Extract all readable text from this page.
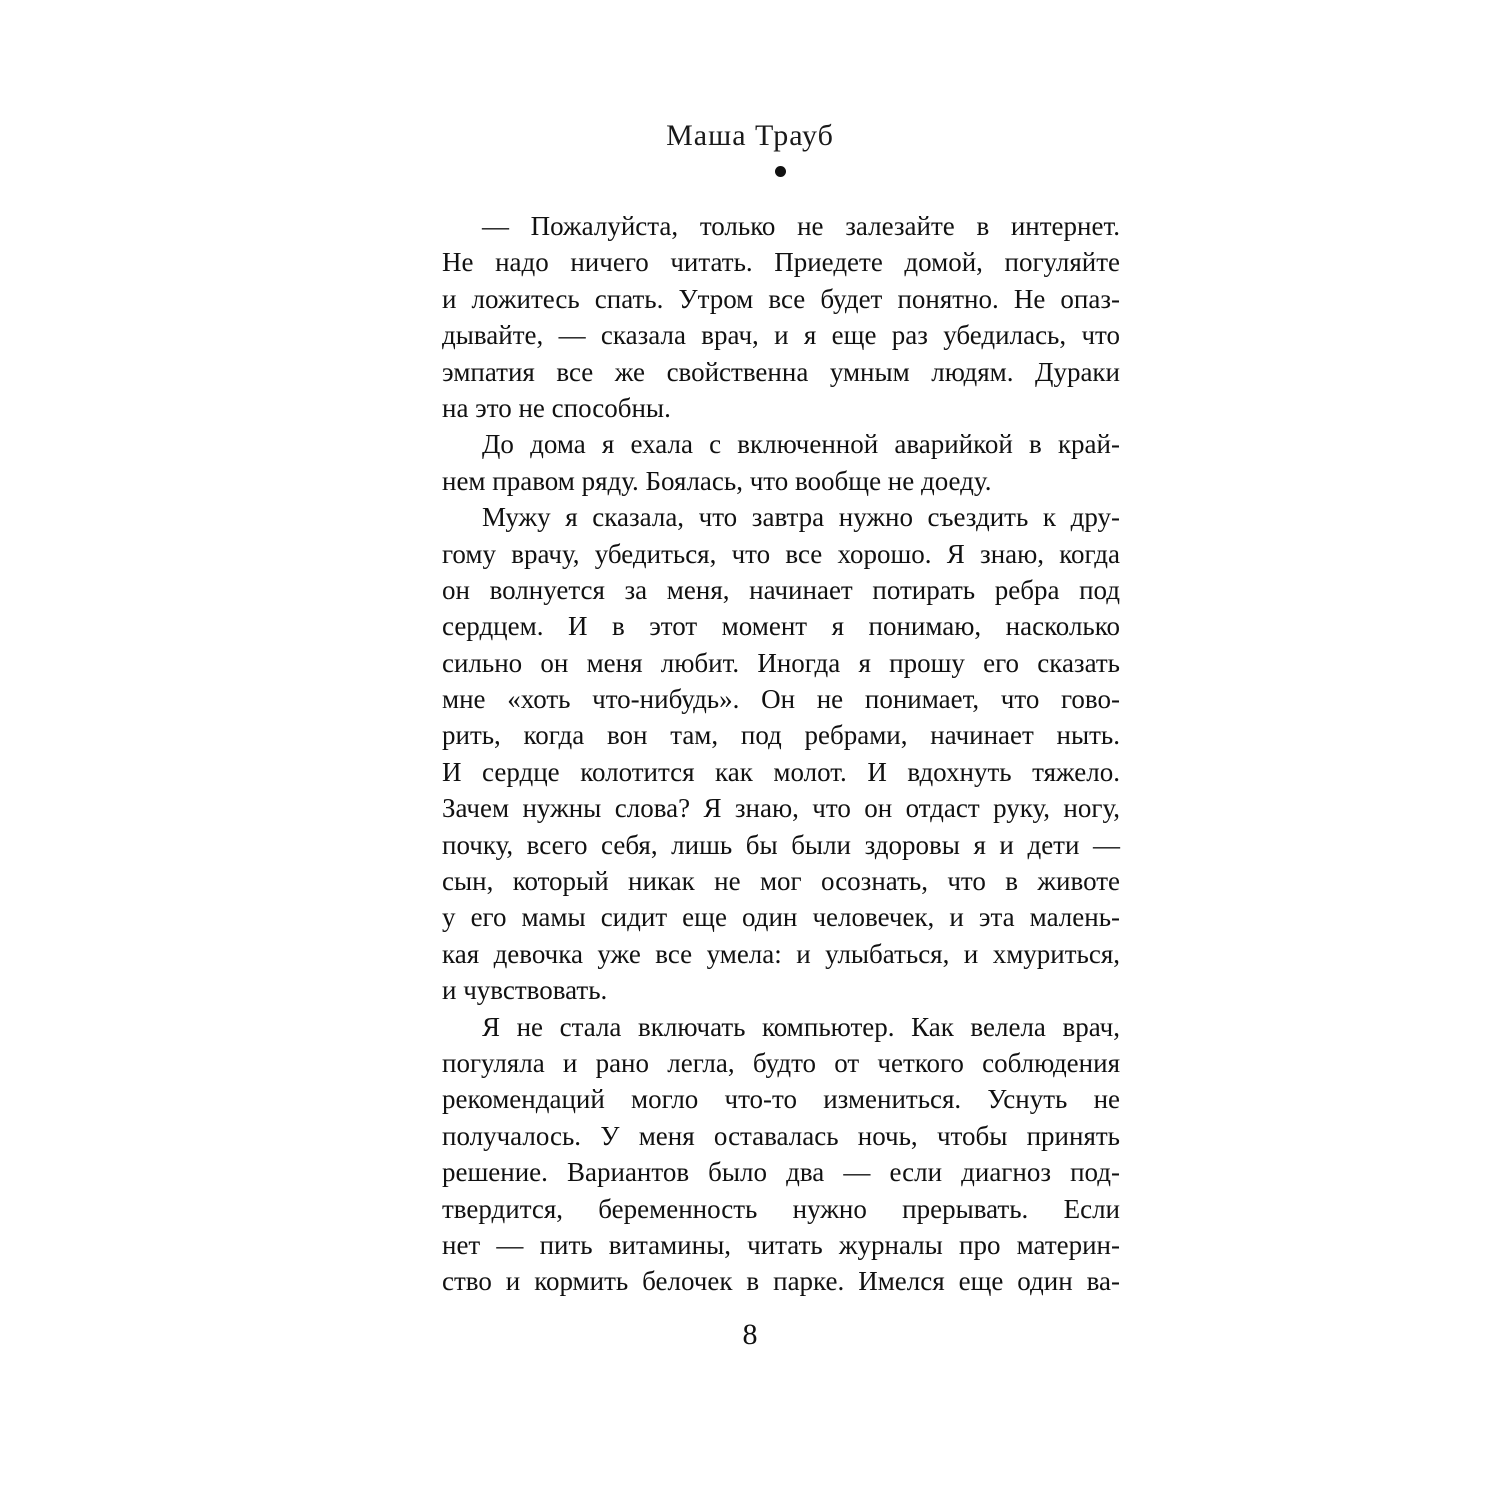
Маша Трауб
— Пожалуйста, только не залезайте в интернет.
Не надо ничего читать. Приедете домой, погуляйте
и ложитесь спать. Утром все будет понятно. Не опаз-
дывайте, — сказала врач, и я еще раз убедилась, что
эмпатия все же свойственна умным людям. Дураки
на это не способны.
До дома я ехала с включенной аварийкой в край-
нем правом ряду. Боялась, что вообще не доеду.
Мужу я сказала, что завтра нужно съездить к дру-
гому врачу, убедиться, что все хорошо. Я знаю, когда
он волнуется за меня, начинает потирать ребра под
сердцем. И в этот момент я понимаю, насколько
сильно он меня любит. Иногда я прошу его сказать
мне «хоть что-нибудь». Он не понимает, что гово-
рить, когда вон там, под ребрами, начинает ныть.
И сердце колотится как молот. И вдохнуть тяжело.
Зачем нужны слова? Я знаю, что он отдаст руку, ногу,
почку, всего себя, лишь бы были здоровы я и дети —
сын, который никак не мог осознать, что в животе
у его мамы сидит еще один человечек, и эта малень-
кая девочка уже все умела: и улыбаться, и хмуриться,
и чувствовать.
Я не стала включать компьютер. Как велела врач,
погуляла и рано легла, будто от четкого соблюдения
рекомендаций могло что-то измениться. Уснуть не
получалось. У меня оставалась ночь, чтобы принять
решение. Вариантов было два — если диагноз под-
твердится, беременность нужно прерывать. Если
нет — пить витамины, читать журналы про материн-
ство и кормить белочек в парке. Имелся еще один ва-
8
